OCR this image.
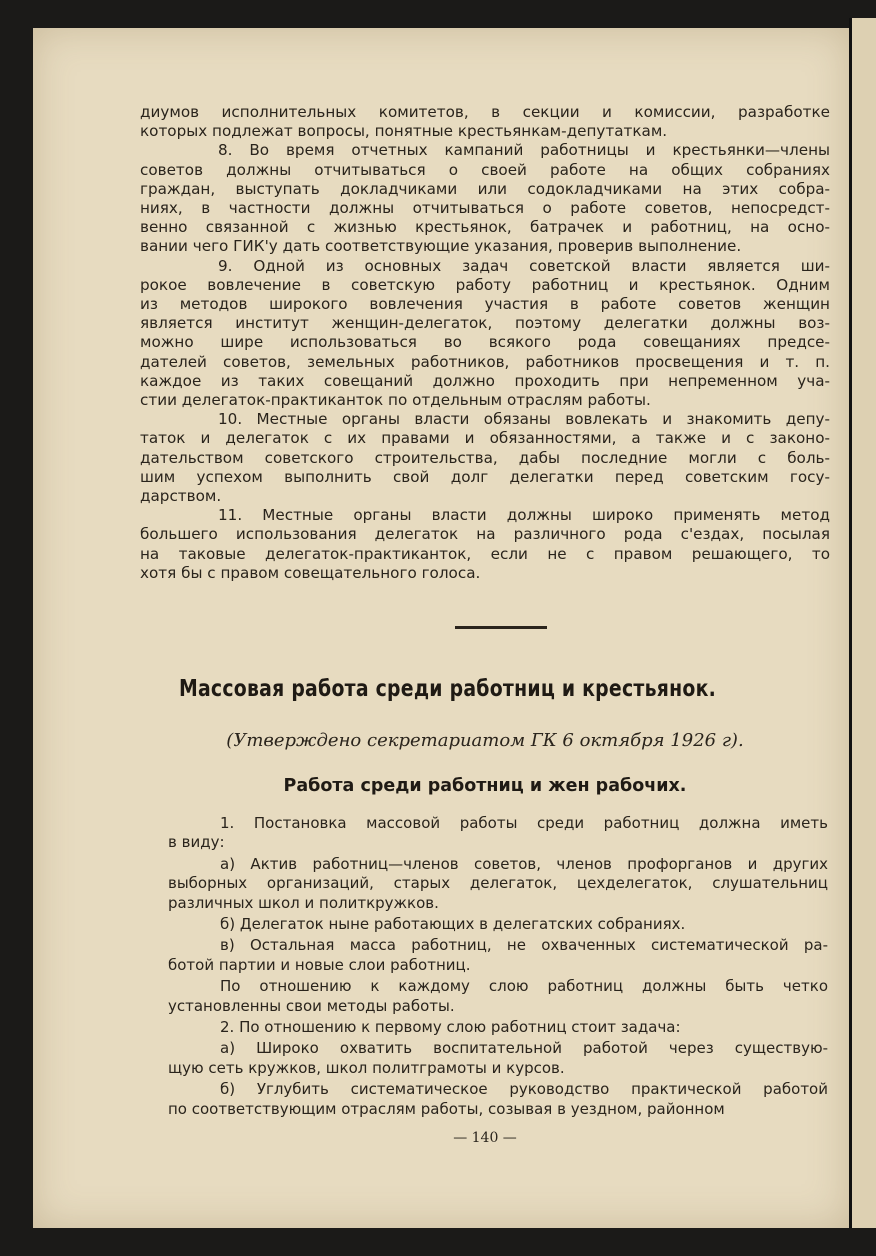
диумов исполнительных комитетов, в секции и комиссии, разработке
которых подлежат вопросы, понятные крестьянкам-депутаткам.
8. Во время отчетных кампаний работницы и крестьянки—члены
советов должны отчитываться о своей работе на общих собраниях
граждан, выступать докладчиками или содокладчиками на этих собра-
ниях, в частности должны отчитываться о работе советов, непосредст-
венно связанной с жизнью крестьянок, батрачек и работниц, на осно-
вании чего ГИК'у дать соответствующие указания, проверив выполнение.
9. Одной из основных задач советской власти является ши-
рокое вовлечение в советскую работу работниц и крестьянок. Одним
из методов широкого вовлечения участия в работе советов женщин
является институт женщин-делегаток, поэтому делегатки должны воз-
можно шире использоваться во всякого рода совещаниях предсе-
дателей советов, земельных работников, работников просвещения и т. п.
каждое из таких совещаний должно проходить при непременном уча-
стии делегаток-практиканток по отдельным отраслям работы.
10. Местные органы власти обязаны вовлекать и знакомить депу-
таток и делегаток с их правами и обязанностями, а также и с законо-
дательством советского строительства, дабы последние могли с боль-
шим успехом выполнить свой долг делегатки перед советским госу-
дарством.
11. Местные органы власти должны широко применять метод
большего использования делегаток на различного рода с'ездах, посылая
на таковые делегаток-практиканток, если не с правом решающего, то
хотя бы с правом совещательного голоса.
Массовая работа среди работниц и крестьянок.
(Утверждено секретариатом ГК 6 октября 1926 г).
Работа среди работниц и жен рабочих.
1. Постановка массовой работы среди работниц должна иметь
в виду:
а) Актив работниц—членов советов, членов профорганов и других
выборных организаций, старых делегаток, цехделегаток, слушательниц
различных школ и политкружков.
б) Делегаток ныне работающих в делегатских собраниях.
в) Остальная масса работниц, не охваченных систематической ра-
ботой партии и новые слои работниц.
По отношению к каждому слою работниц должны быть четко
установленны свои методы работы.
2. По отношению к первому слою работниц стоит задача:
а) Широко охватить воспитательной работой через существую-
щую сеть кружков, школ политграмоты и курсов.
б) Углубить систематическое руководство практической работой
по соответствующим отраслям работы, созывая в уездном, районном
— 140 —
